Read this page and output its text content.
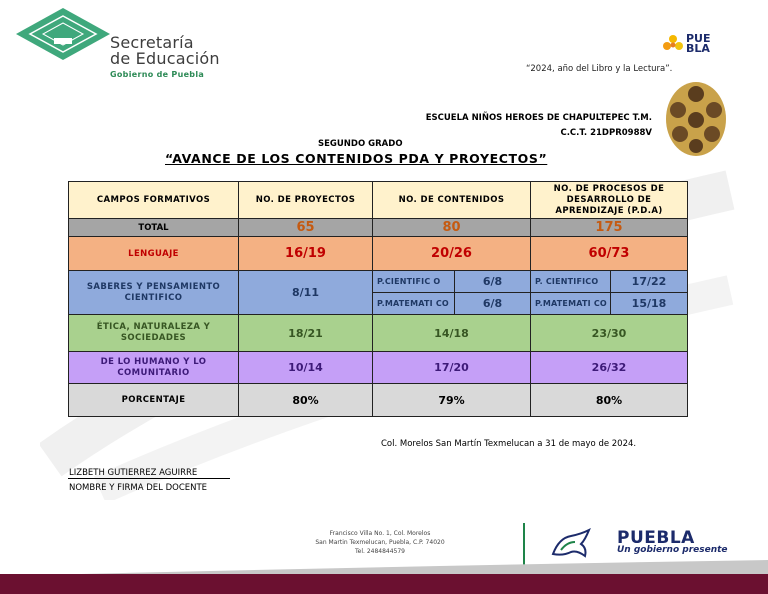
Secretaría
de Educación
Gobierno de Puebla
PUE
BLA
“2024, año del Libro y la Lectura”.
ESCUELA NIÑOS HEROES DE CHAPULTEPEC T.M.
C.C.T. 21DPR0988V
SEGUNDO GRADO
“AVANCE DE LOS CONTENIDOS PDA Y PROYECTOS”
CAMPOS FORMATIVOS	NO. DE PROYECTOS	NO. DE CONTENIDOS		NO. DE PROCESOS DE DESARROLLO DE APRENDIZAJE (P.D.A)	
TOTAL	65	80		175	
LENGUAJE	16/19	20/26		60/73	
SABERES Y PENSAMIENTO CIENTIFICO	8/11	P.CIENTIFIC O	6/8	P. CIENTIFICO	17/22
		P.MATEMATI CO	6/8	P.MATEMATI CO	15/18
ÉTICA, NATURALEZA Y SOCIEDADES	18/21	14/18		23/30	
DE LO HUMANO Y LO COMUNITARIO	10/14	17/20		26/32	
PORCENTAJE	80%	79%		80%	
Col. Morelos San Martín Texmelucan a 31 de mayo de 2024.
LIZBETH GUTIERREZ AGUIRRE
NOMBRE Y FIRMA DEL DOCENTE
Francisco Villa No. 1, Col. Morelos
San Martin Texmelucan, Puebla, C.P. 74020
Tel. 2484844579
PUEBLA
Un gobierno presente
